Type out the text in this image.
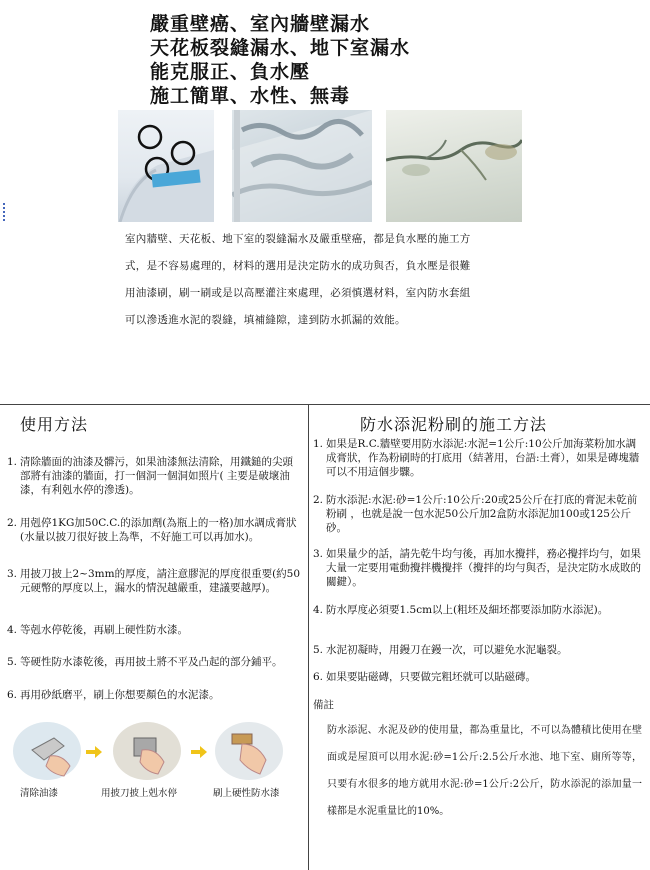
嚴重壁癌、室內牆壁漏水
天花板裂縫漏水、地下室漏水
能克服正、負水壓
施工簡單、水性、無毒
室內牆壁、天花板、地下室的裂縫漏水及嚴重壁癌，都是負水壓的施工方式，是不容易處理的，材料的選用是決定防水的成功與否，負水壓是很難用油漆刷，刷一刷或是以高壓灌注來處理，必須慎選材料，室內防水套組可以滲透進水泥的裂縫，填補縫隙，達到防水抓漏的效能。
使用方法
1. 清除牆面的油漆及髒污，如果油漆無法清除，用鐵鎚的尖頭部將有油漆的牆面，打一個洞一個洞如照片( 主要是破壞油漆，有利剋水停的滲透)。
2. 用剋停1KG加50C.C.的添加劑(為瓶上的一格)加水調成膏狀(水量以披刀很好披上為準，不好施工可以再加水)。
3. 用披刀披上2~3mm的厚度，請注意膠泥的厚度很重要(約50元硬幣的厚度以上，漏水的情況越嚴重，建議要越厚)。
4. 等剋水停乾後，再刷上硬性防水漆。
5. 等硬性防水漆乾後，再用披土將不平及凸起的部分鋪平。
6. 再用砂紙磨平，刷上你想要顏色的水泥漆。
清除油漆	用披刀披上剋水停	刷上硬性防水漆
防水添泥粉刷的施工方法
1. 如果是R.C.牆壁要用防水添泥:水泥=1公斤:10公斤加海菜粉加水調成膏狀，作為粉刷時的打底用（結著用，台語:土膏），如果是磚塊牆可以不用這個步驟。
2. 防水添泥:水泥:砂=1公斤:10公斤:20或25公斤在打底的膏泥未乾前粉刷 ，也就是說一包水泥50公斤加2盒防水添泥加100或125公斤砂。
3. 如果量少的話，請先乾牛均勻後，再加水攪拌，務必攪拌均勻，如果大量一定要用電動攪拌機攪拌（攪拌的均勻與否，是決定防水成敗的關鍵）。
4. 防水厚度必須要1.5cm以上(粗坯及細坯都要添加防水添泥)。
5. 水泥初凝時，用鏝刀在鏝一次，可以避免水泥龜裂。
6. 如果要貼磁磚，只要做完粗坯就可以貼磁磚。
備註
防水添泥、水泥及砂的使用量，都為重量比，不可以為體積比使用在壁面或是屋頂可以用水泥:砂=1公斤:2.5公斤水池、地下室、廁所等等，只要有水很多的地方就用水泥:砂=1公斤:2公斤，防水添泥的添加量一樣都是水泥重量比的10%。
